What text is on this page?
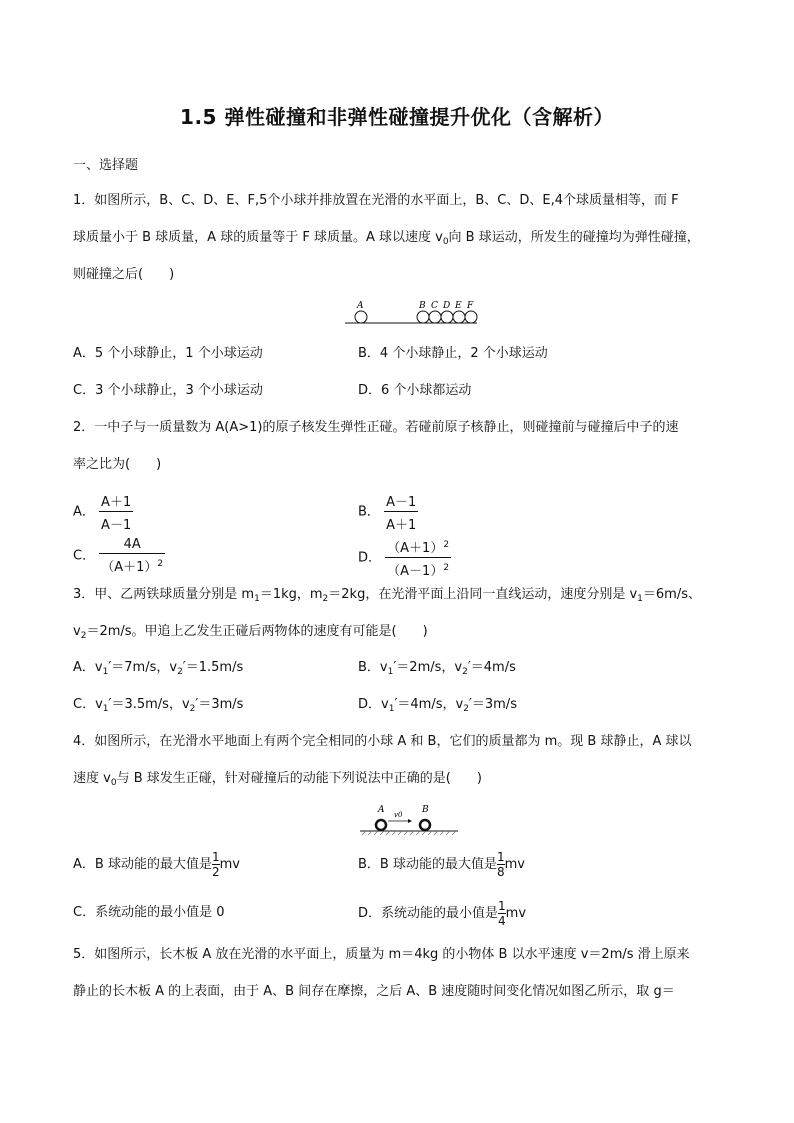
1.5 弹性碰撞和非弹性碰撞提升优化（含解析）
一、选择题
1．如图所示，B、C、D、E、F,5个小球并排放置在光滑的水平面上，B、C、D、E,4个球质量相等，而 F
球质量小于 B 球质量，A 球的质量等于 F 球质量。A 球以速度 $v_0$向 B 球运动，所发生的碰撞均为弹性碰撞，
则碰撞之后(　　)
A	B C D E F
A．5 个小球静止，1 个小球运动	B．4 个小球静止，2 个小球运动
C．3 个小球静止，3 个小球运动	D．6 个小球都运动
2．一中子与一质量数为 A(A>1)的原子核发生弹性正碰。若碰前原子核静止，则碰撞前与碰撞后中子的速
率之比为(　　)
A． $\frac{A+1}{A-1}$	B． $\frac{A-1}{A+1}$
C． $\frac{4A}{(A+1)^2}$	D． $\frac{(A+1)^2}{(A-1)^2}$
3．甲、乙两铁球质量分别是 $m_1=1kg$，$m_2=2kg$，在光滑平面上沿同一直线运动，速度分别是 $v_1=6m/s$、
$v_2=2m/s$。甲追上乙发生正碰后两物体的速度有可能是(　　)
A．$v_1'=7m/s$，$v_2'=1.5m/s$	B．$v_1'=2m/s$，$v_2'=4m/s$
C．$v_1'=3.5m/s$，$v_2'=3m/s$	D．$v_1'=4m/s$，$v_2'=3m/s$
4．如图所示，在光滑水平地面上有两个完全相同的小球 A 和 B，它们的质量都为 m。现 B 球静止，A 球以
速度 $v_0$与 B 球发生正碰，针对碰撞后的动能下列说法中正确的是(　　)
A v0 B
A．B 球动能的最大值是 $\frac{1}{2}$ mv	B．B 球动能的最大值是 $\frac{1}{8}$ mv
C．系统动能的最小值是 0	D．系统动能的最小值是 $\frac{1}{4}$ mv
5．如图所示，长木板 A 放在光滑的水平面上，质量为 m＝4kg 的小物体 B 以水平速度 v＝2m/s 滑上原来
静止的长木板 A 的上表面，由于 A、B 间存在摩擦，之后 A、B 速度随时间变化情况如图乙所示，取 g＝
